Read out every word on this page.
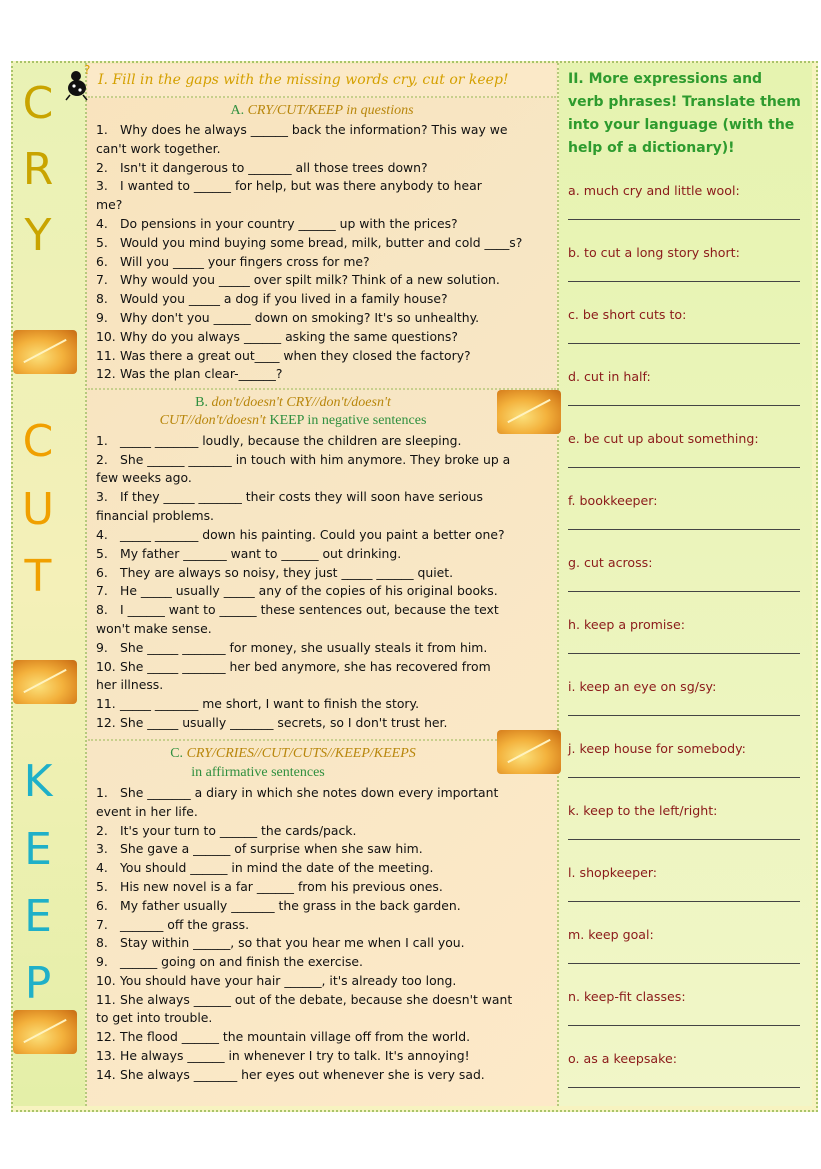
C
R
Y
C
U
T
K
E
E
P
?
I. Fill in the gaps with the missing words cry, cut or keep!
A. CRY/CUT/KEEP in questions
1. Why does he always ______ back the information? This way we
can't work together.
2. Isn't it dangerous to _______ all those trees down?
3. I wanted to ______ for help, but was there anybody to hear
me?
4. Do pensions in your country ______ up with the prices?
5. Would you mind buying some bread, milk, butter and cold ____s?
6. Will you _____ your fingers cross for me?
7. Why would you _____ over spilt milk? Think of a new solution.
8. Would you _____ a dog if you lived in a family house?
9. Why don't you ______ down on smoking? It's so unhealthy.
10. Why do you always ______ asking the same questions?
11. Was there a great out____ when they closed the factory?
12. Was the plan clear-______?
B. don't/doesn't CRY//don't/doesn't
CUT//don't/doesn't KEEP in negative sentences
1. _____ _______ loudly, because the children are sleeping.
2. She ______ _______ in touch with him anymore. They broke up a
few weeks ago.
3. If they _____ _______ their costs they will soon have serious
financial problems.
4. _____ _______ down his painting. Could you paint a better one?
5. My father _______ want to ______ out drinking.
6. They are always so noisy, they just _____ ______ quiet.
7. He _____ usually _____ any of the copies of his original books.
8. I ______ want to ______ these sentences out, because the text
won't make sense.
9. She _____ _______ for money, she usually steals it from him.
10. She _____ _______ her bed anymore, she has recovered from
her illness.
11. _____ _______ me short, I want to finish the story.
12. She _____ usually _______ secrets, so I don't trust her.
C. CRY/CRIES//CUT/CUTS//KEEP/KEEPS
in affirmative sentences
1. She _______ a diary in which she notes down every important
event in her life.
2. It's your turn to ______ the cards/pack.
3. She gave a ______ of surprise when she saw him.
4. You should ______ in mind the date of the meeting.
5. His new novel is a far ______ from his previous ones.
6. My father usually _______ the grass in the back garden.
7. _______ off the grass.
8. Stay within ______, so that you hear me when I call you.
9. ______ going on and finish the exercise.
10. You should have your hair ______, it's already too long.
11. She always ______ out of the debate, because she doesn't want
to get into trouble.
12. The flood ______ the mountain village off from the world.
13. He always ______ in whenever I try to talk. It's annoying!
14. She always _______ her eyes out whenever she is very sad.
II. More expressions and
verb phrases! Translate them
into your language (with the
help of a dictionary)!
a. much cry and little wool:
b. to cut a long story short:
c. be short cuts to:
d. cut in half:
e. be cut up about something:
f. bookkeeper:
g. cut across:
h. keep a promise:
i. keep an eye on sg/sy:
j. keep house for somebody:
k. keep to the left/right:
l. shopkeeper:
m. keep goal:
n. keep-fit classes:
o. as a keepsake:
